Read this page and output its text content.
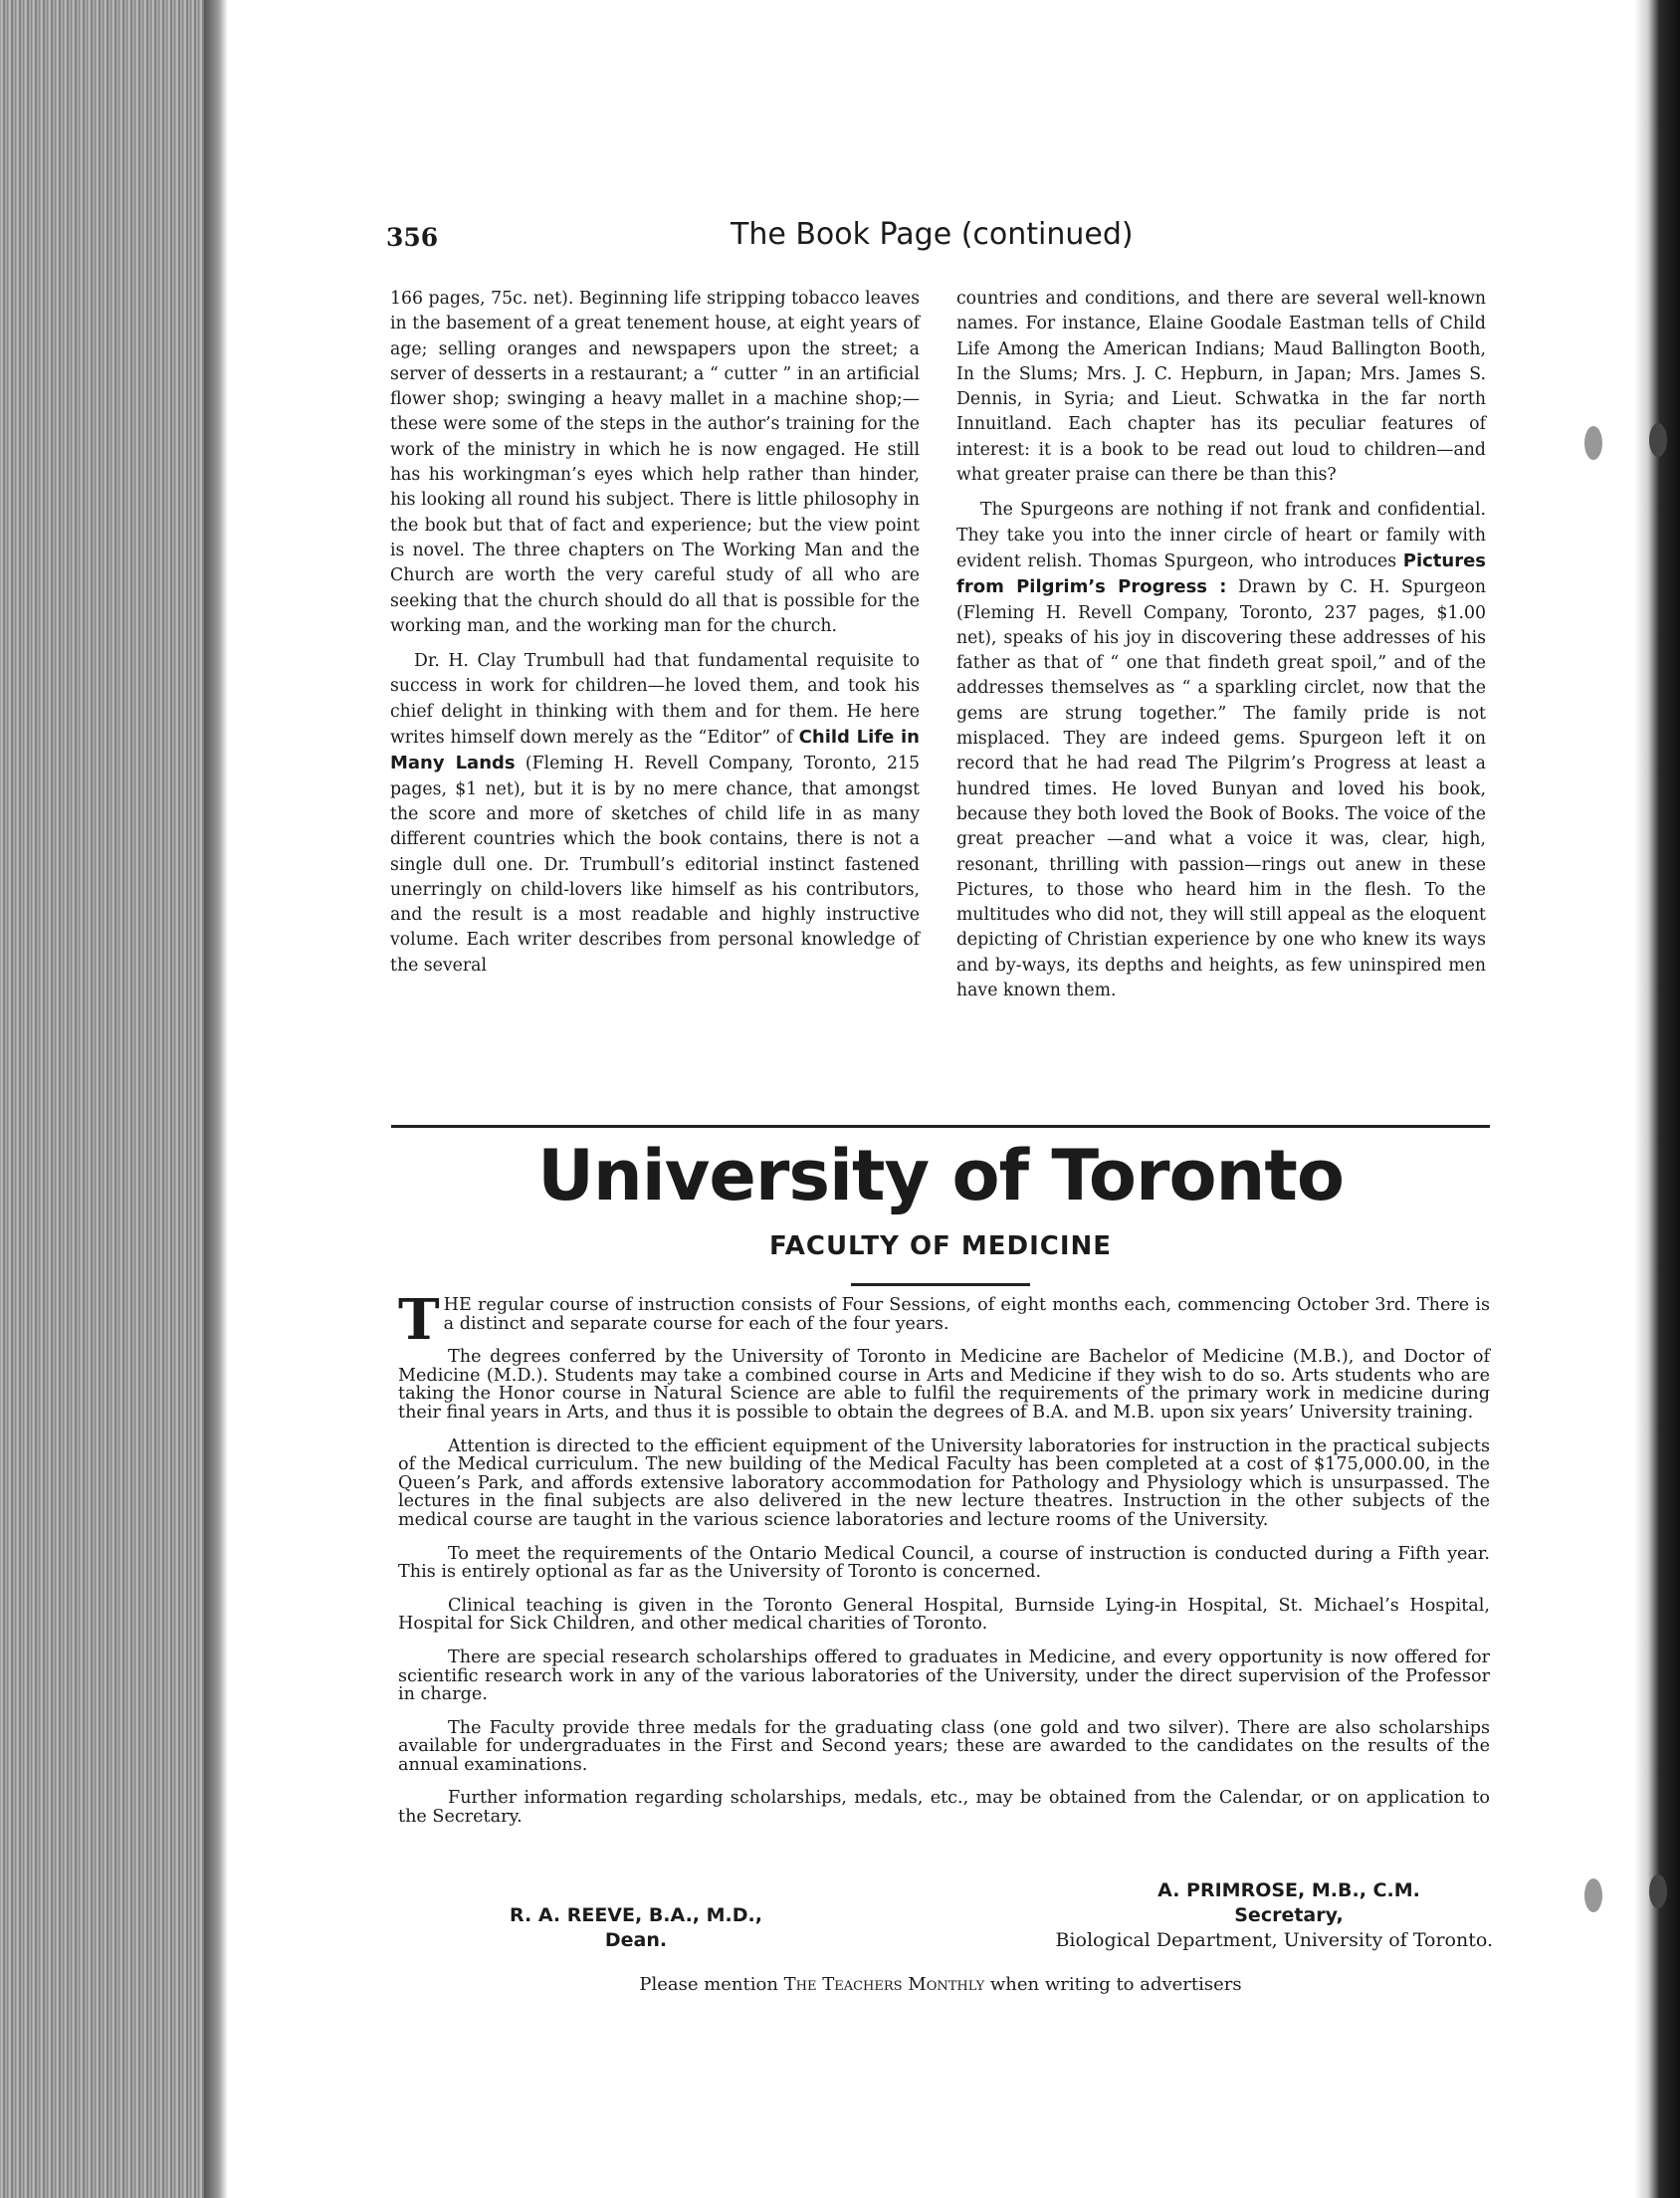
356	The Book Page (continued)

166 pages, 75c. net). Beginning life stripping tobacco leaves in the basement of a great tenement house, at eight years of age; selling oranges and newspapers upon the street; a server of desserts in a restaurant; a “ cutter ” in an artificial flower shop; swinging a heavy mallet in a machine shop;—these were some of the steps in the author’s training for the work of the ministry in which he is now engaged. He still has his workingman’s eyes which help rather than hinder, his looking all round his subject. There is little philosophy in the book but that of fact and experience; but the view point is novel. The three chapters on The Working Man and the Church are worth the very careful study of all who are seeking that the church should do all that is possible for the working man, and the working man for the church.

Dr. H. Clay Trumbull had that fundamental requisite to success in work for children—he loved them, and took his chief delight in thinking with them and for them. He here writes himself down merely as the “Editor” of Child Life in Many Lands (Fleming H. Revell Company, Toronto, 215 pages, $1 net), but it is by no mere chance, that amongst the score and more of sketches of child life in as many different countries which the book contains, there is not a single dull one. Dr. Trumbull’s editorial instinct fastened unerringly on child-lovers like himself as his contributors, and the result is a most readable and highly instructive volume. Each writer describes from personal knowledge of the several

countries and conditions, and there are several well-known names. For instance, Elaine Goodale Eastman tells of Child Life Among the American Indians; Maud Ballington Booth, In the Slums; Mrs. J. C. Hepburn, in Japan; Mrs. James S. Dennis, in Syria; and Lieut. Schwatka in the far north Innuitland. Each chapter has its peculiar features of interest: it is a book to be read out loud to children—and what greater praise can there be than this?

The Spurgeons are nothing if not frank and confidential. They take you into the inner circle of heart or family with evident relish. Thomas Spurgeon, who introduces Pictures from Pilgrim’s Progress : Drawn by C. H. Spurgeon (Fleming H. Revell Company, Toronto, 237 pages, $1.00 net), speaks of his joy in discovering these addresses of his father as that of “ one that findeth great spoil,” and of the addresses themselves as “ a sparkling circlet, now that the gems are strung together.” The family pride is not misplaced. They are indeed gems. Spurgeon left it on record that he had read The Pilgrim’s Progress at least a hundred times. He loved Bunyan and loved his book, because they both loved the Book of Books. The voice of the great preacher —and what a voice it was, clear, high, resonant, thrilling with passion—rings out anew in these Pictures, to those who heard him in the flesh. To the multitudes who did not, they will still appeal as the eloquent depicting of Christian experience by one who knew its ways and by-ways, its depths and heights, as few uninspired men have known them.

University of Toronto
FACULTY OF MEDICINE

THE regular course of instruction consists of Four Sessions, of eight months each, commencing October 3rd. There is a distinct and separate course for each of the four years.

The degrees conferred by the University of Toronto in Medicine are Bachelor of Medicine (M.B.), and Doctor of Medicine (M.D.). Students may take a combined course in Arts and Medicine if they wish to do so. Arts students who are taking the Honor course in Natural Science are able to fulfil the requirements of the primary work in medicine during their final years in Arts, and thus it is possible to obtain the degrees of B.A. and M.B. upon six years’ University training.

Attention is directed to the efficient equipment of the University laboratories for instruction in the practical subjects of the Medical curriculum. The new building of the Medical Faculty has been completed at a cost of $175,000.00, in the Queen’s Park, and affords extensive laboratory accommodation for Pathology and Physiology which is unsurpassed. The lectures in the final subjects are also delivered in the new lecture theatres. Instruction in the other subjects of the medical course are taught in the various science laboratories and lecture rooms of the University.

To meet the requirements of the Ontario Medical Council, a course of instruction is conducted during a Fifth year. This is entirely optional as far as the University of Toronto is concerned.

Clinical teaching is given in the Toronto General Hospital, Burnside Lying-in Hospital, St. Michael’s Hospital, Hospital for Sick Children, and other medical charities of Toronto.

There are special research scholarships offered to graduates in Medicine, and every opportunity is now offered for scientific research work in any of the various laboratories of the University, under the direct supervision of the Professor in charge.

The Faculty provide three medals for the graduating class (one gold and two silver). There are also scholarships available for undergraduates in the First and Second years; these are awarded to the candidates on the results of the annual examinations.

Further information regarding scholarships, medals, etc., may be obtained from the Calendar, or on application to the Secretary.

A. PRIMROSE, M.B., C.M.
Secretary,
Biological Department, University of Toronto.
R. A. REEVE, B.A., M.D.,
Dean.
Please mention The Teachers Monthly when writing to advertisers
